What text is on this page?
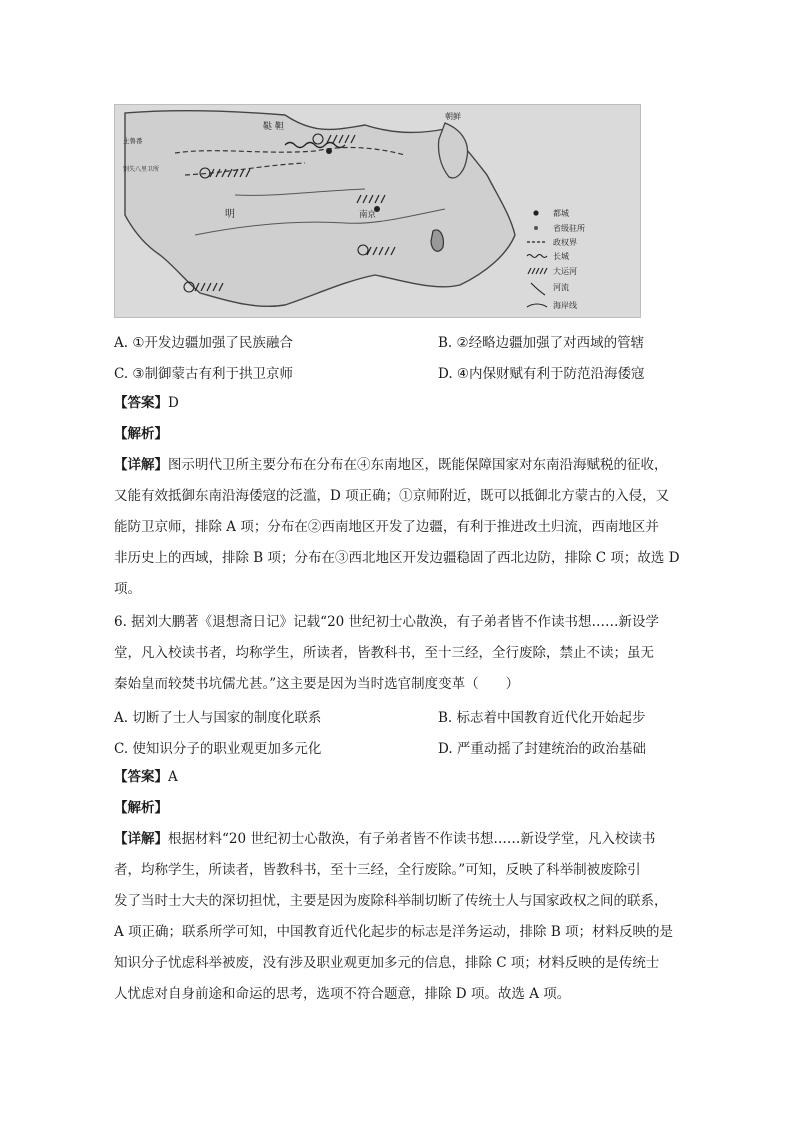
鞑 靼
朝鲜
土鲁番
别失八里卫所
明	南京	都城
省级驻所
政权界
长城
大运河
河流
海岸线
A. ①开发边疆加强了民族融合	B. ②经略边疆加强了对西域的管辖
C. ③制御蒙古有利于拱卫京师	D. ④内保财赋有利于防范沿海倭寇
【答案】D
【解析】
【详解】图示明代卫所主要分布在分布在④东南地区，既能保障国家对东南沿海赋税的征收，
又能有效抵御东南沿海倭寇的泛滥，D 项正确；①京师附近，既可以抵御北方蒙古的入侵，又
能防卫京师，排除 A 项；分布在②西南地区开发了边疆，有利于推进改土归流，西南地区并
非历史上的西域，排除 B 项；分布在③西北地区开发边疆稳固了西北边防，排除 C 项；故选 D
项。
6. 据刘大鹏著《退想斋日记》记载“20 世纪初士心散涣，有子弟者皆不作读书想……新设学
堂，凡入校读书者，均称学生，所读者，皆教科书，至十三经，全行废除，禁止不读；虽无
秦始皇而较焚书坑儒尤甚。”这主要是因为当时选官制度变革（　　）
A. 切断了士人与国家的制度化联系	B. 标志着中国教育近代化开始起步
C. 使知识分子的职业观更加多元化	D. 严重动摇了封建统治的政治基础
【答案】A
【解析】
【详解】根据材料“20 世纪初士心散涣，有子弟者皆不作读书想……新设学堂，凡入校读书
者，均称学生，所读者，皆教科书，至十三经，全行废除。”可知，反映了科举制被废除引
发了当时士大夫的深切担忧，主要是因为废除科举制切断了传统士人与国家政权之间的联系，
A 项正确；联系所学可知，中国教育近代化起步的标志是洋务运动，排除 B 项；材料反映的是
知识分子忧虑科举被废，没有涉及职业观更加多元的信息，排除 C 项；材料反映的是传统士
人忧虑对自身前途和命运的思考，选项不符合题意，排除 D 项。故选 A 项。
